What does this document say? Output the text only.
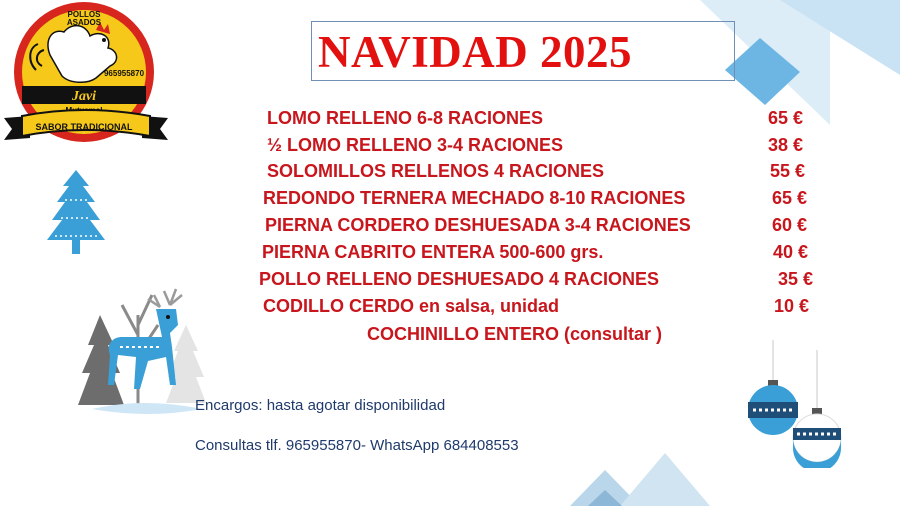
Javi
POLLOS ASADOS
965955870
SABOR TRADICIONAL
NAVIDAD 2025
LOMO RELLENO 6-8 RACIONES	65 €
½ LOMO RELLENO 3-4 RACIONES	38 €
SOLOMILLOS RELLENOS 4 RACIONES	55 €
REDONDO TERNERA MECHADO 8-10 RACIONES	65 €
PIERNA CORDERO DESHUESADA 3-4 RACIONES	60 €
PIERNA CABRITO ENTERA 500-600 grs.	40 €
POLLO RELLENO DESHUESADO 4 RACIONES	35 €
CODILLO CERDO en salsa, unidad	10 €
COCHINILLO ENTERO (consultar )
Encargos: hasta agotar disponibilidad
Consultas tlf. 965955870- WhatsApp 684408553
